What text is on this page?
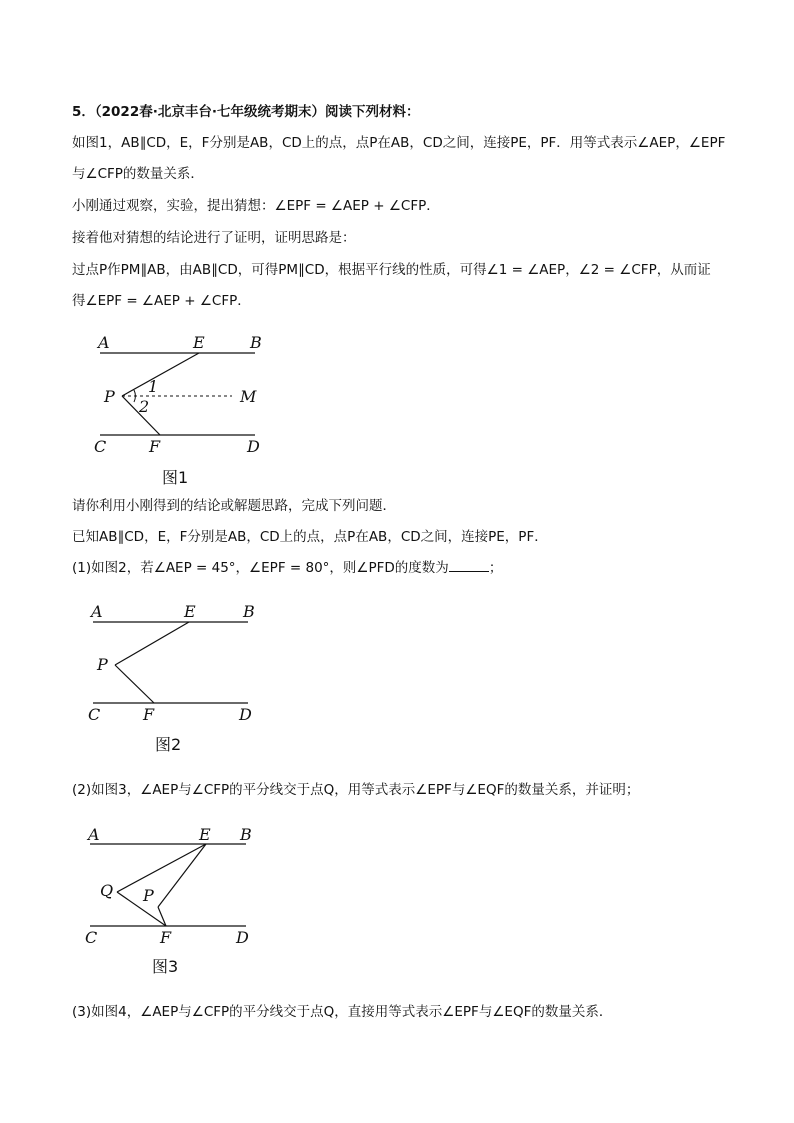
5．（2022春·北京丰台·七年级统考期末）阅读下列材料：
如图1，AB∥CD，E，F分别是AB，CD上的点，点P在AB，CD之间，连接PE，PF．用等式表示∠AEP，∠EPF
与∠CFP的数量关系．
小刚通过观察，实验，提出猜想：∠EPF = ∠AEP + ∠CFP．
接着他对猜想的结论进行了证明，证明思路是：
过点P作PM∥AB，由AB∥CD，可得PM∥CD，根据平行线的性质，可得∠1 = ∠AEP，∠2 = ∠CFP，从而证
得∠EPF = ∠AEP + ∠CFP．
A	E	B
P
1
2
M
C	F	D
图1
请你利用小刚得到的结论或解题思路，完成下列问题．
已知AB∥CD，E，F分别是AB，CD上的点，点P在AB，CD之间，连接PE，PF．
(1)如图2，若∠AEP = 45°，∠EPF = 80°，则∠PFD的度数为	；
A	E	B
P
C	F	D
图2
(2)如图3，∠AEP与∠CFP的平分线交于点Q，用等式表示∠EPF与∠EQF的数量关系，并证明；
A	E B
Q P
C	F	D
图3
(3)如图4，∠AEP与∠CFP的平分线交于点Q，直接用等式表示∠EPF与∠EQF的数量关系．
